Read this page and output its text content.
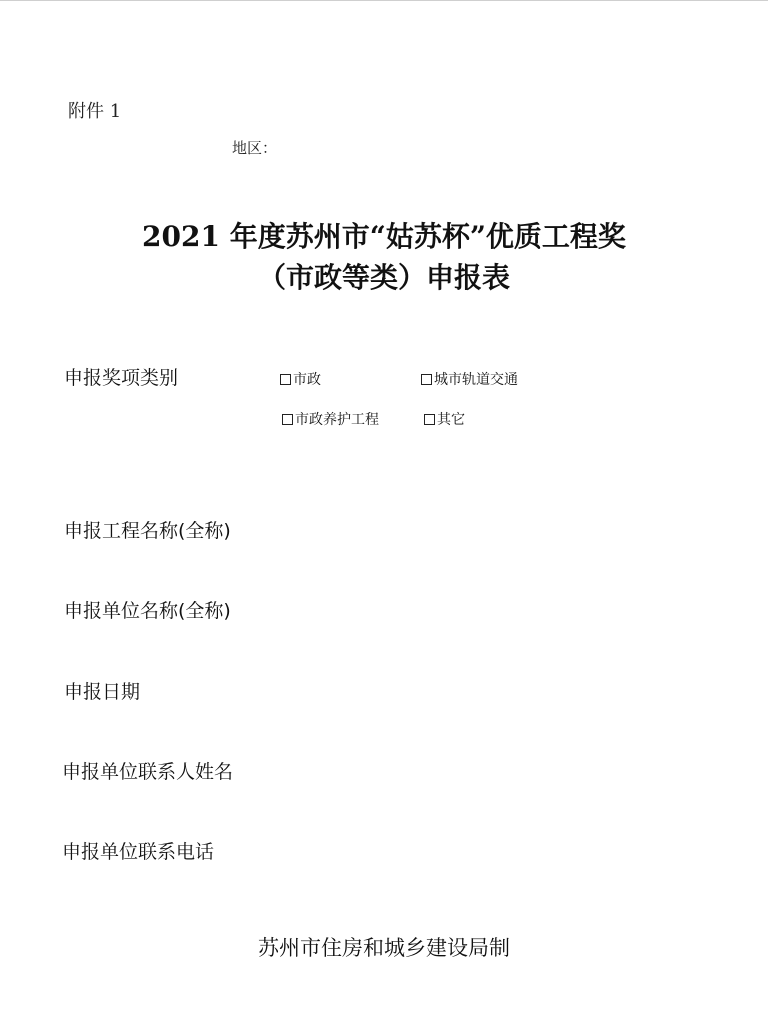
附件 1
地区：
2021 年度苏州市“姑苏杯”优质工程奖
（市政等类）申报表
申报奖项类别	市政	城市轨道交通
市政养护工程	其它
申报工程名称(全称)
申报单位名称(全称)
申报日期
申报单位联系人姓名
申报单位联系电话
苏州市住房和城乡建设局制
